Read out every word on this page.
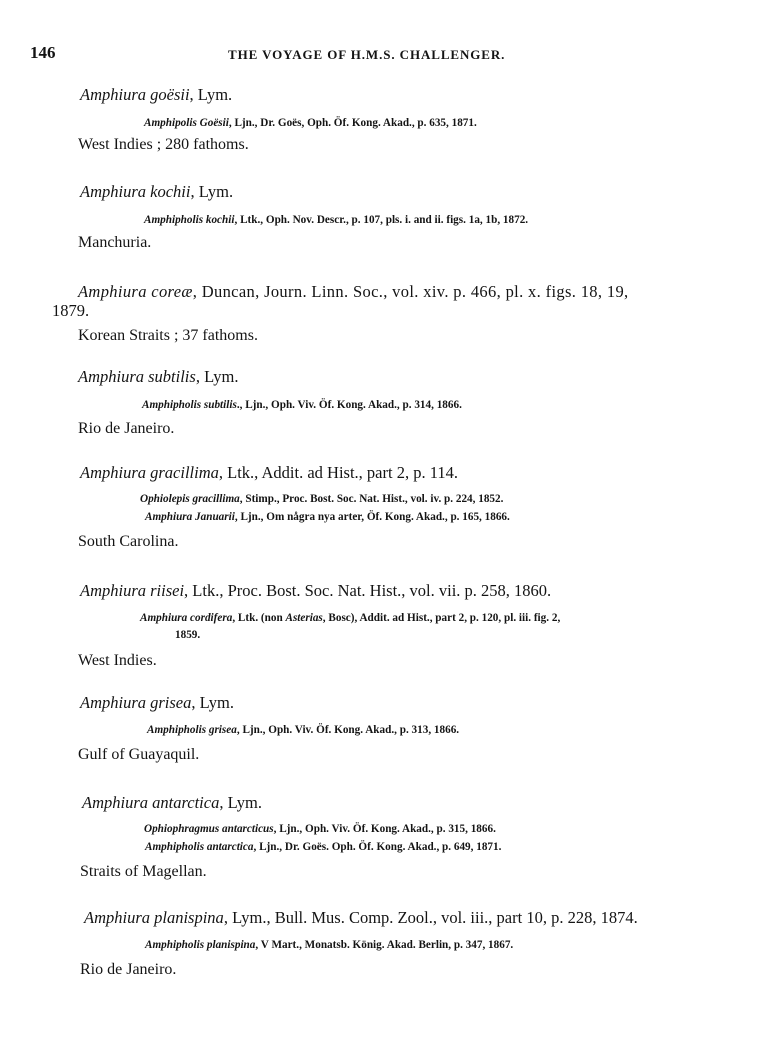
146	THE VOYAGE OF H.M.S. CHALLENGER.
Amphiura goësii, Lym.
Amphipolis Goësii, Ljn., Dr. Goës, Oph. Öf. Kong. Akad., p. 635, 1871.
West Indies ; 280 fathoms.
Amphiura kochii, Lym.
Amphipholis kochii, Ltk., Oph. Nov. Descr., p. 107, pls. i. and ii. figs. 1a, 1b, 1872.
Manchuria.
Amphiura coreæ, Duncan, Journ. Linn. Soc., vol. xiv. p. 466, pl. x. figs. 18, 19,
1879.
Korean Straits ; 37 fathoms.
Amphiura subtilis, Lym.
Amphipholis subtilis., Ljn., Oph. Viv. Öf. Kong. Akad., p. 314, 1866.
Rio de Janeiro.
Amphiura gracillima, Ltk., Addit. ad Hist., part 2, p. 114.
Ophiolepis gracillima, Stimp., Proc. Bost. Soc. Nat. Hist., vol. iv. p. 224, 1852.
Amphiura Januarii, Ljn., Om några nya arter, Öf. Kong. Akad., p. 165, 1866.
South Carolina.
Amphiura riisei, Ltk., Proc. Bost. Soc. Nat. Hist., vol. vii. p. 258, 1860.
Amphiura cordifera, Ltk. (non Asterias, Bosc), Addit. ad Hist., part 2, p. 120, pl. iii. fig. 2,
1859.
West Indies.
Amphiura grisea, Lym.
Amphipholis grisea, Ljn., Oph. Viv. Öf. Kong. Akad., p. 313, 1866.
Gulf of Guayaquil.
Amphiura antarctica, Lym.
Ophiophragmus antarcticus, Ljn., Oph. Viv. Öf. Kong. Akad., p. 315, 1866.
Amphipholis antarctica, Ljn., Dr. Goës. Oph. Öf. Kong. Akad., p. 649, 1871.
Straits of Magellan.
Amphiura planispina, Lym., Bull. Mus. Comp. Zool., vol. iii., part 10, p. 228, 1874.
Amphipholis planispina, V Mart., Monatsb. König. Akad. Berlin, p. 347, 1867.
Rio de Janeiro.
